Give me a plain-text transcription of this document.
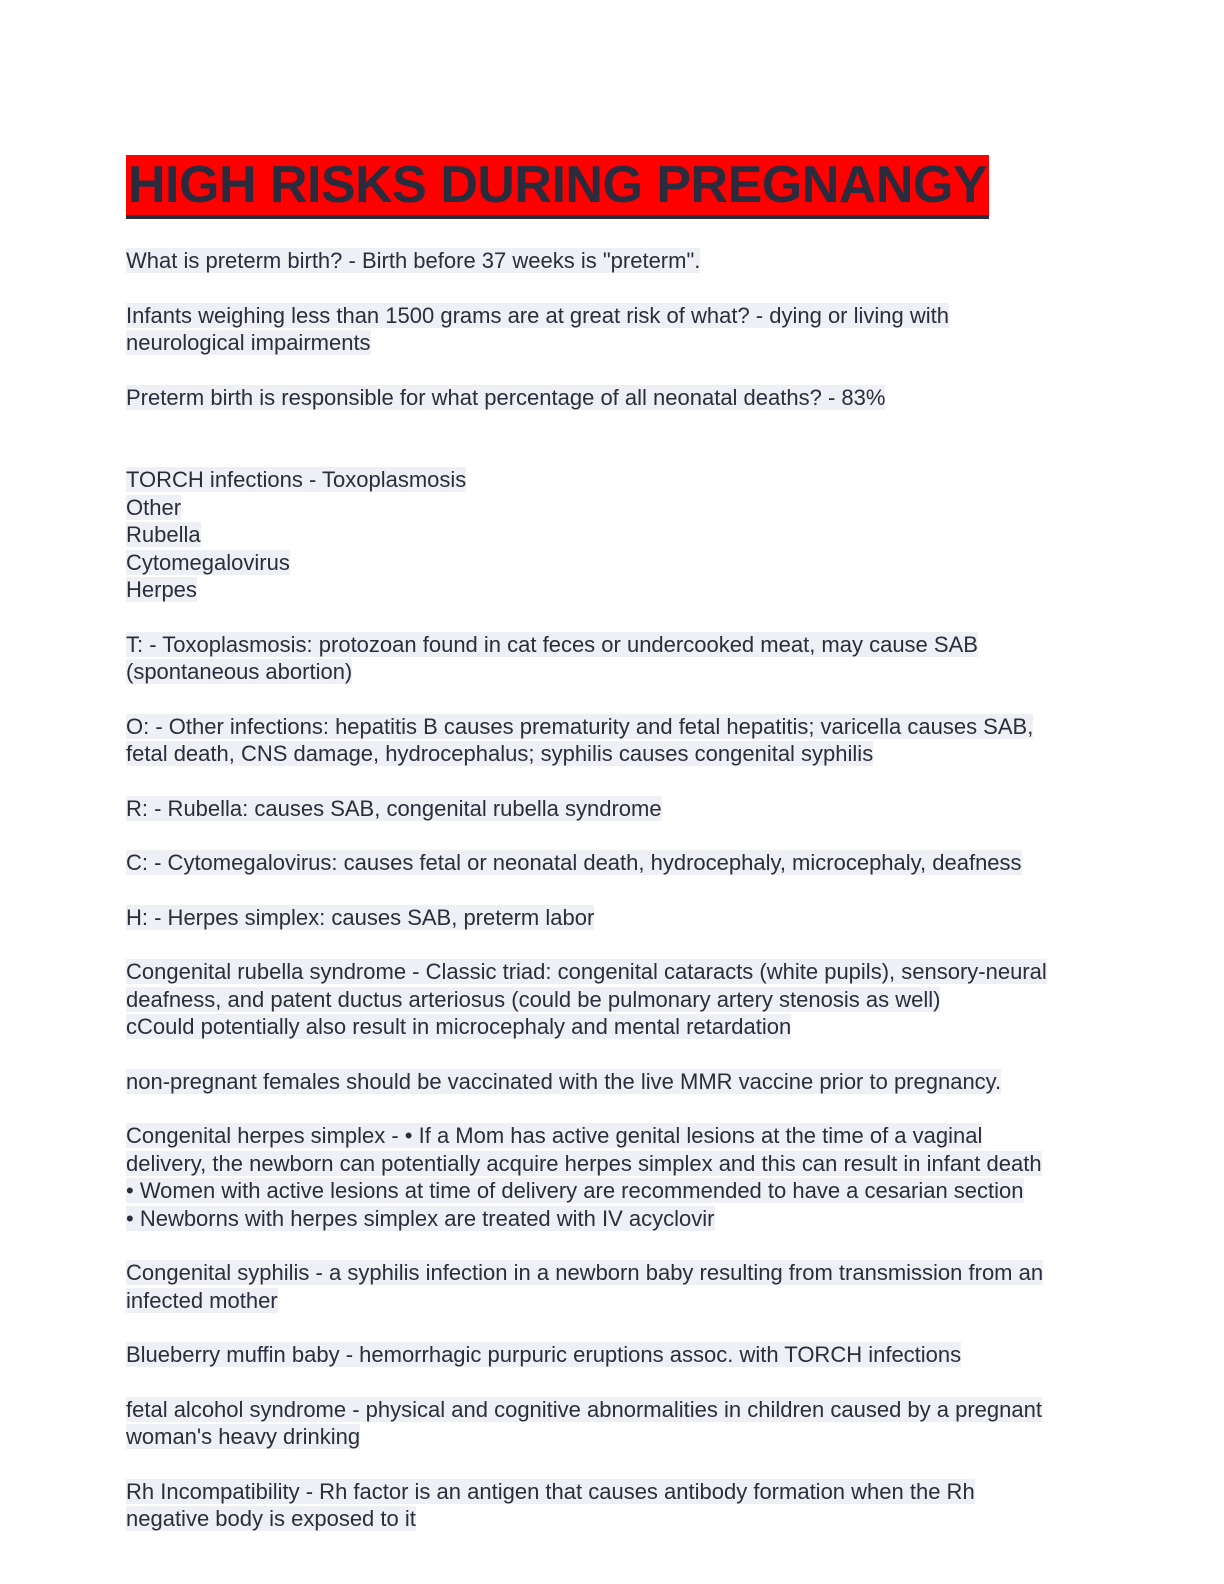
HIGH RISKS DURING PREGNANGY
What is preterm birth? - Birth before 37 weeks is "preterm".
Infants weighing less than 1500 grams are at great risk of what? - dying or living with
neurological impairments
Preterm birth is responsible for what percentage of all neonatal deaths? - 83%
TORCH infections - Toxoplasmosis
Other
Rubella
Cytomegalovirus
Herpes
T: - Toxoplasmosis: protozoan found in cat feces or undercooked meat, may cause SAB
(spontaneous abortion)
O: - Other infections: hepatitis B causes prematurity and fetal hepatitis; varicella causes SAB,
fetal death, CNS damage, hydrocephalus; syphilis causes congenital syphilis
R: - Rubella: causes SAB, congenital rubella syndrome
C: - Cytomegalovirus: causes fetal or neonatal death, hydrocephaly, microcephaly, deafness
H: - Herpes simplex: causes SAB, preterm labor
Congenital rubella syndrome - Classic triad: congenital cataracts (white pupils), sensory-neural
deafness, and patent ductus arteriosus (could be pulmonary artery stenosis as well)
cCould potentially also result in microcephaly and mental retardation
non-pregnant females should be vaccinated with the live MMR vaccine prior to pregnancy.
Congenital herpes simplex - • If a Mom has active genital lesions at the time of a vaginal
delivery, the newborn can potentially acquire herpes simplex and this can result in infant death
• Women with active lesions at time of delivery are recommended to have a cesarian section
• Newborns with herpes simplex are treated with IV acyclovir
Congenital syphilis - a syphilis infection in a newborn baby resulting from transmission from an
infected mother
Blueberry muffin baby - hemorrhagic purpuric eruptions assoc. with TORCH infections
fetal alcohol syndrome - physical and cognitive abnormalities in children caused by a pregnant
woman's heavy drinking
Rh Incompatibility - Rh factor is an antigen that causes antibody formation when the Rh
negative body is exposed to it
